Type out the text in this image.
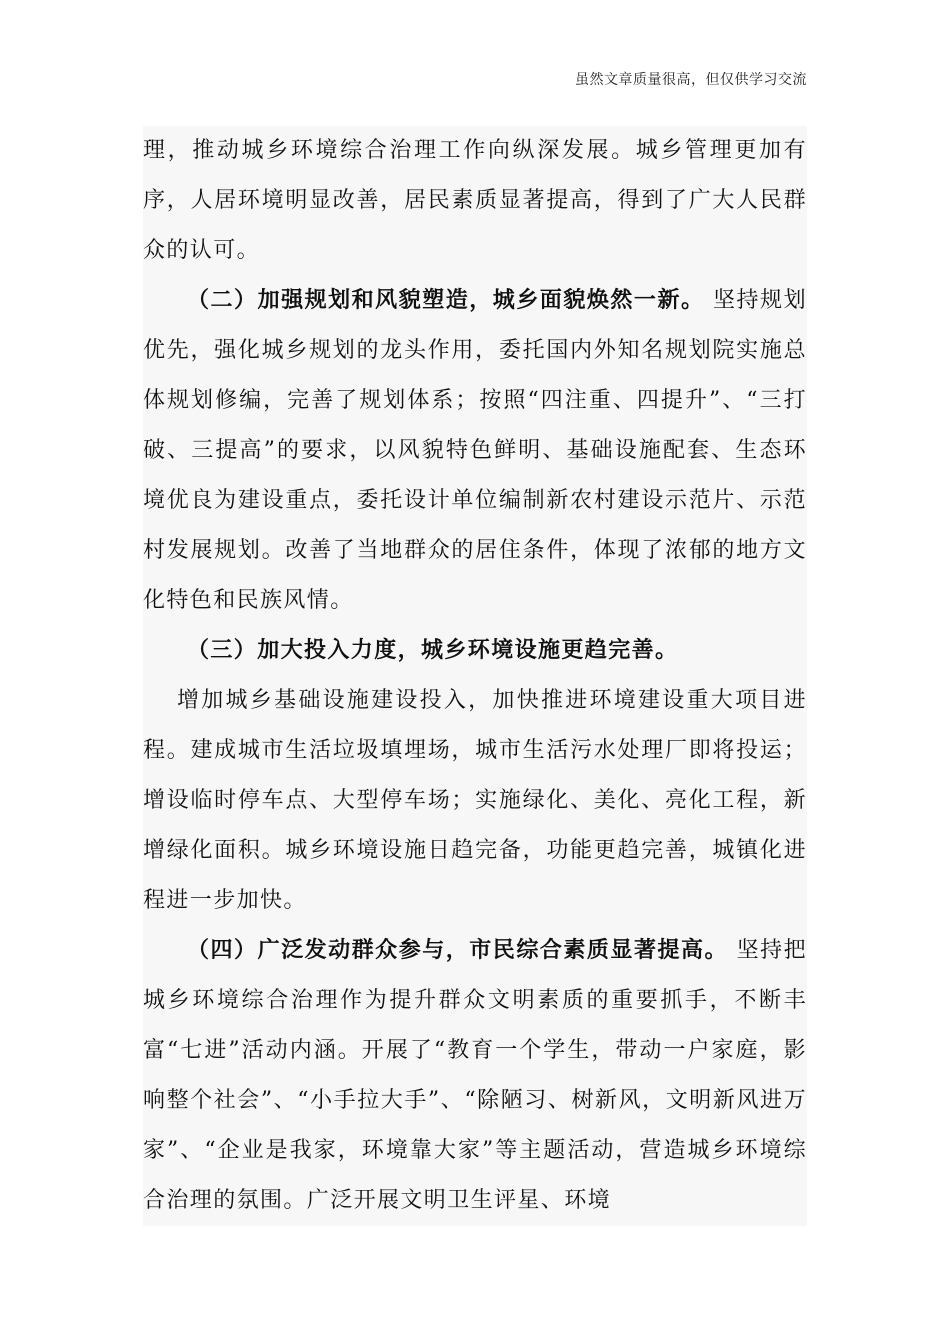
虽然文章质量很高，但仅供学习交流

理，推动城乡环境综合治理工作向纵深发展。城乡管理更加有序，人居环境明显改善，居民素质显著提高，得到了广大人民群众的认可。

（二）加强规划和风貌塑造，城乡面貌焕然一新。 坚持规划优先，强化城乡规划的龙头作用，委托国内外知名规划院实施总体规划修编，完善了规划体系；按照“四注重、四提升”、“三打破、三提高”的要求，以风貌特色鲜明、基础设施配套、生态环境优良为建设重点，委托设计单位编制新农村建设示范片、示范村发展规划。改善了当地群众的居住条件，体现了浓郁的地方文化特色和民族风情。

（三）加大投入力度，城乡环境设施更趋完善。

增加城乡基础设施建设投入，加快推进环境建设重大项目进程。建成城市生活垃圾填埋场，城市生活污水处理厂即将投运；增设临时停车点、大型停车场；实施绿化、美化、亮化工程，新增绿化面积。城乡环境设施日趋完备，功能更趋完善，城镇化进程进一步加快。

（四）广泛发动群众参与，市民综合素质显著提高。 坚持把城乡环境综合治理作为提升群众文明素质的重要抓手，不断丰富“七进”活动内涵。开展了“教育一个学生，带动一户家庭，影响整个社会”、“小手拉大手”、“除陋习、树新风，文明新风进万家”、“企业是我家，环境靠大家”等主题活动，营造城乡环境综合治理的氛围。广泛开展文明卫生评星、环境
